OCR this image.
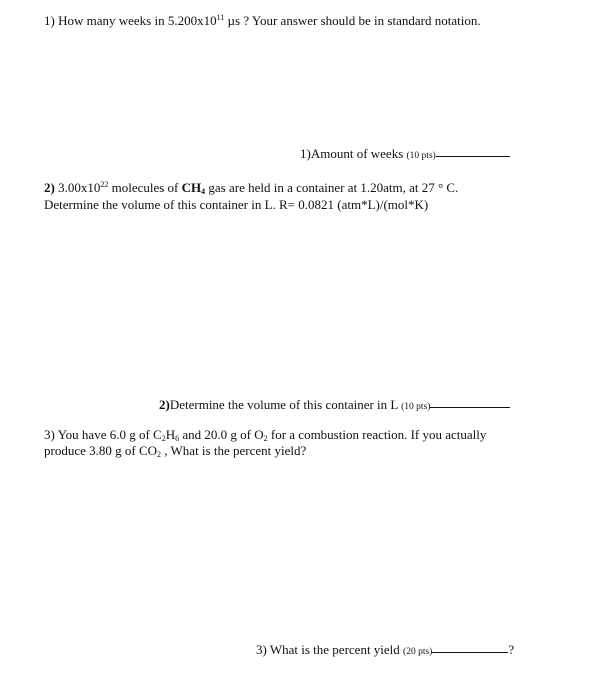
1) How many weeks in $5.200x10^{11}$ µs ? Your answer should be in standard notation.
1)Amount of weeks (10 pts)
2) $3.00x10^{22}$ molecules of $CH_4$ gas are held in a container at 1.20atm, at 27 ° C.
Determine the volume of this container in L. R= 0.0821 (atm*L)/(mol*K)
2)Determine the volume of this container in L (10 pts)
3) You have 6.0 g of $C_2H_6$ and 20.0 g of $O_2$ for a combustion reaction. If you actually
produce 3.80 g of $CO_2$ , What is the percent yield?
3) What is the percent yield (20 pts)	?
